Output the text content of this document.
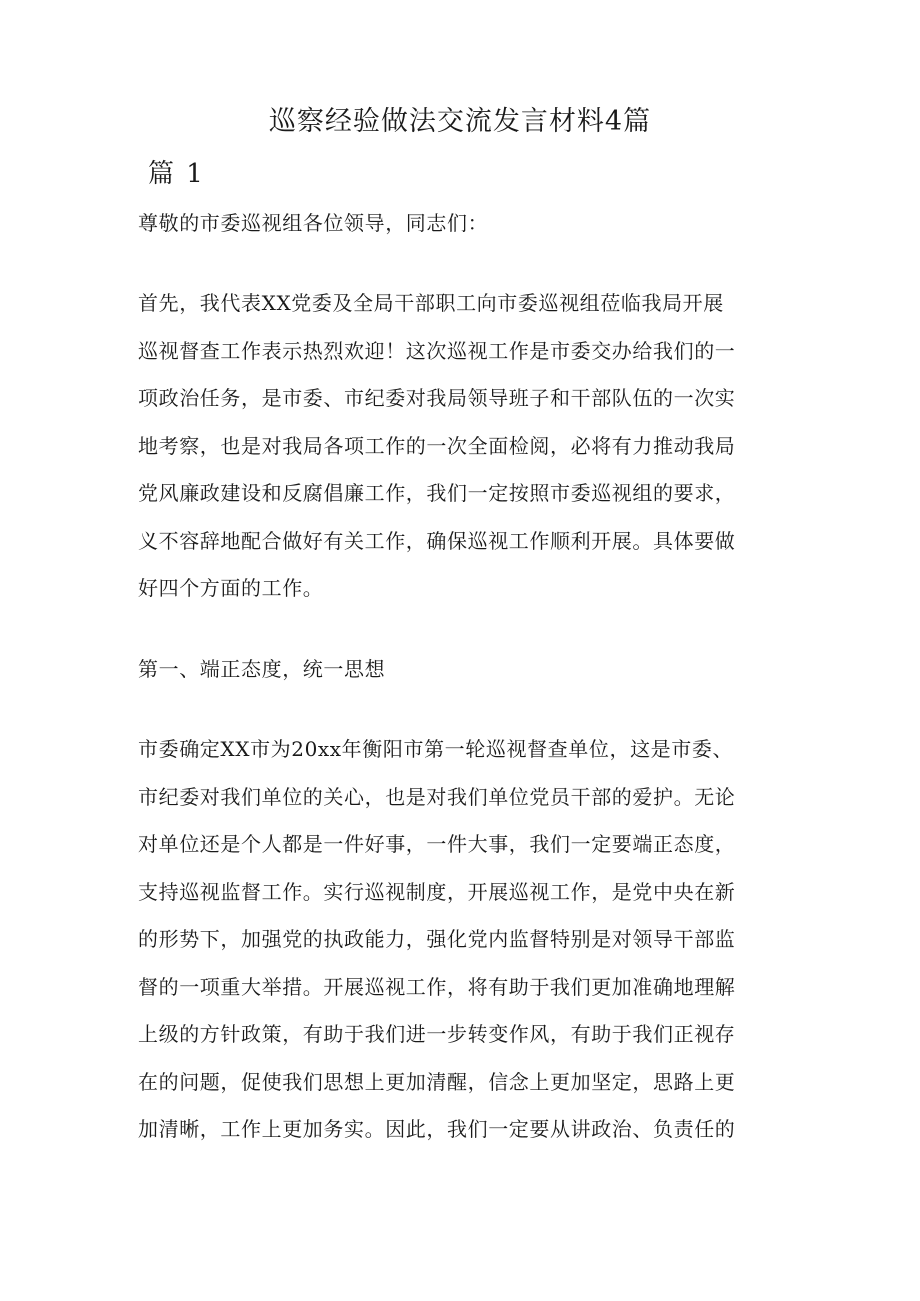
巡察经验做法交流发言材料4篇
篇 1
尊敬的市委巡视组各位领导，同志们：
首先，我代表XX党委及全局干部职工向市委巡视组莅临我局开展
巡视督查工作表示热烈欢迎！这次巡视工作是市委交办给我们的一
项政治任务，是市委、市纪委对我局领导班子和干部队伍的一次实
地考察，也是对我局各项工作的一次全面检阅，必将有力推动我局
党风廉政建设和反腐倡廉工作，我们一定按照市委巡视组的要求，
义不容辞地配合做好有关工作，确保巡视工作顺利开展。具体要做
好四个方面的工作。
第一、端正态度，统一思想
市委确定XX市为20xx年衡阳市第一轮巡视督查单位，这是市委、
市纪委对我们单位的关心，也是对我们单位党员干部的爱护。无论
对单位还是个人都是一件好事，一件大事，我们一定要端正态度，
支持巡视监督工作。实行巡视制度，开展巡视工作，是党中央在新
的形势下，加强党的执政能力，强化党内监督特别是对领导干部监
督的一项重大举措。开展巡视工作，将有助于我们更加准确地理解
上级的方针政策，有助于我们进一步转变作风，有助于我们正视存
在的问题，促使我们思想上更加清醒，信念上更加坚定，思路上更
加清晰，工作上更加务实。因此，我们一定要从讲政治、负责任的
